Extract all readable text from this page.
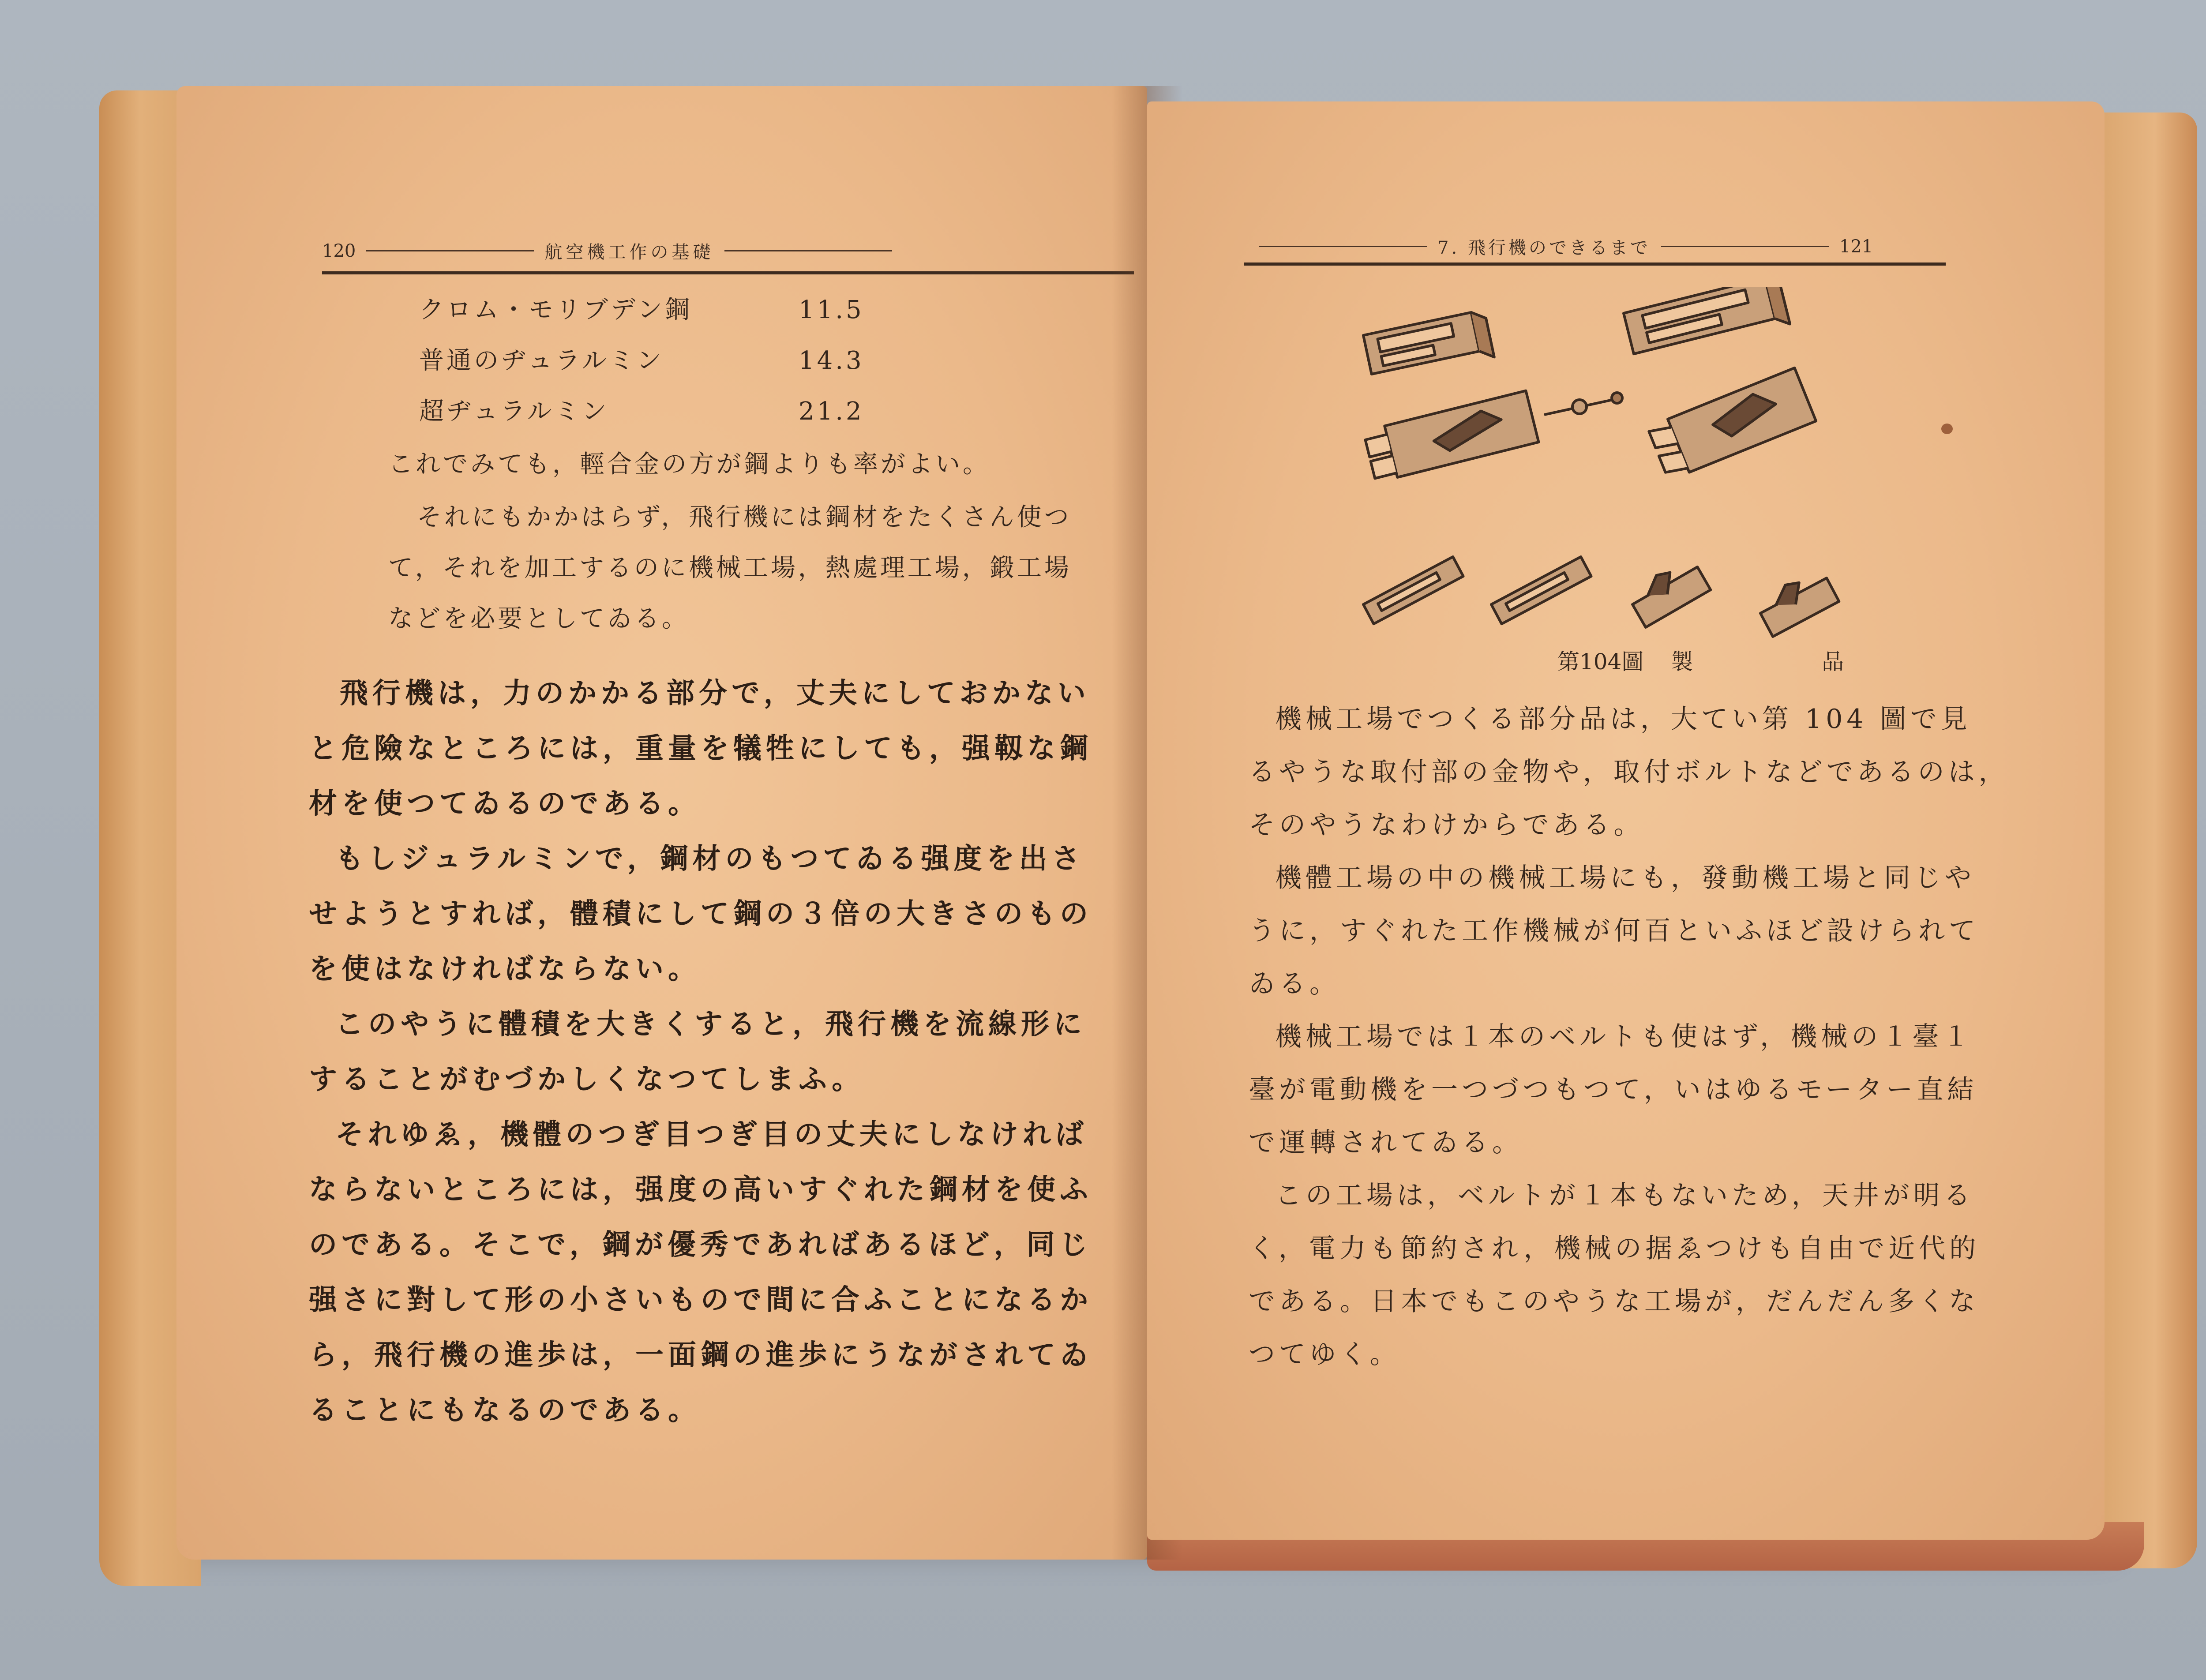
120	航空機工作の基礎
クロム・モリブデン鋼	11.5
普通のヂュラルミン	14.3
超ヂュラルミン	21.2
これでみても，輕合金の方が鋼よりも率がよい。
それにもかかはらず，飛行機には鋼材をたくさん使つ
て，それを加工するのに機械工場，熱處理工場，鍛工場
などを必要としてゐる。
飛行機は，力のかかる部分で，丈夫にしておかない
と危險なところには，重量を犠牲にしても，强靱な鋼
材を使つてゐるのである。
もしジュラルミンで，鋼材のもつてゐる强度を出さ
せようとすれば，體積にして鋼の３倍の大きさのもの
を使はなければならない。
このやうに體積を大きくすると，飛行機を流線形に
することがむづかしくなつてしまふ。
それゆゑ，機體のつぎ目つぎ目の丈夫にしなければ
ならないところには，强度の高いすぐれた鋼材を使ふ
のである。そこで，鋼が優秀であればあるほど，同じ
强さに對して形の小さいもので間に合ふことになるか
ら，飛行機の進歩は，一面鋼の進歩にうながされてゐ
ることにもなるのである。
7. 飛行機のできるまで	121
第104圖 製	品
機械工場でつくる部分品は，大てい第 104 圖で見
るやうな取付部の金物や，取付ボルトなどであるのは，
そのやうなわけからである。
機體工場の中の機械工場にも，發動機工場と同じや
うに，すぐれた工作機械が何百といふほど設けられて
ゐる。
機械工場では１本のベルトも使はず，機械の１臺１
臺が電動機を一つづつもつて，いはゆるモーター直結
で運轉されてゐる。
この工場は，ベルトが１本もないため，天井が明る
く，電力も節約され，機械の据ゑつけも自由で近代的
である。日本でもこのやうな工場が，だんだん多くな
つてゆく。
